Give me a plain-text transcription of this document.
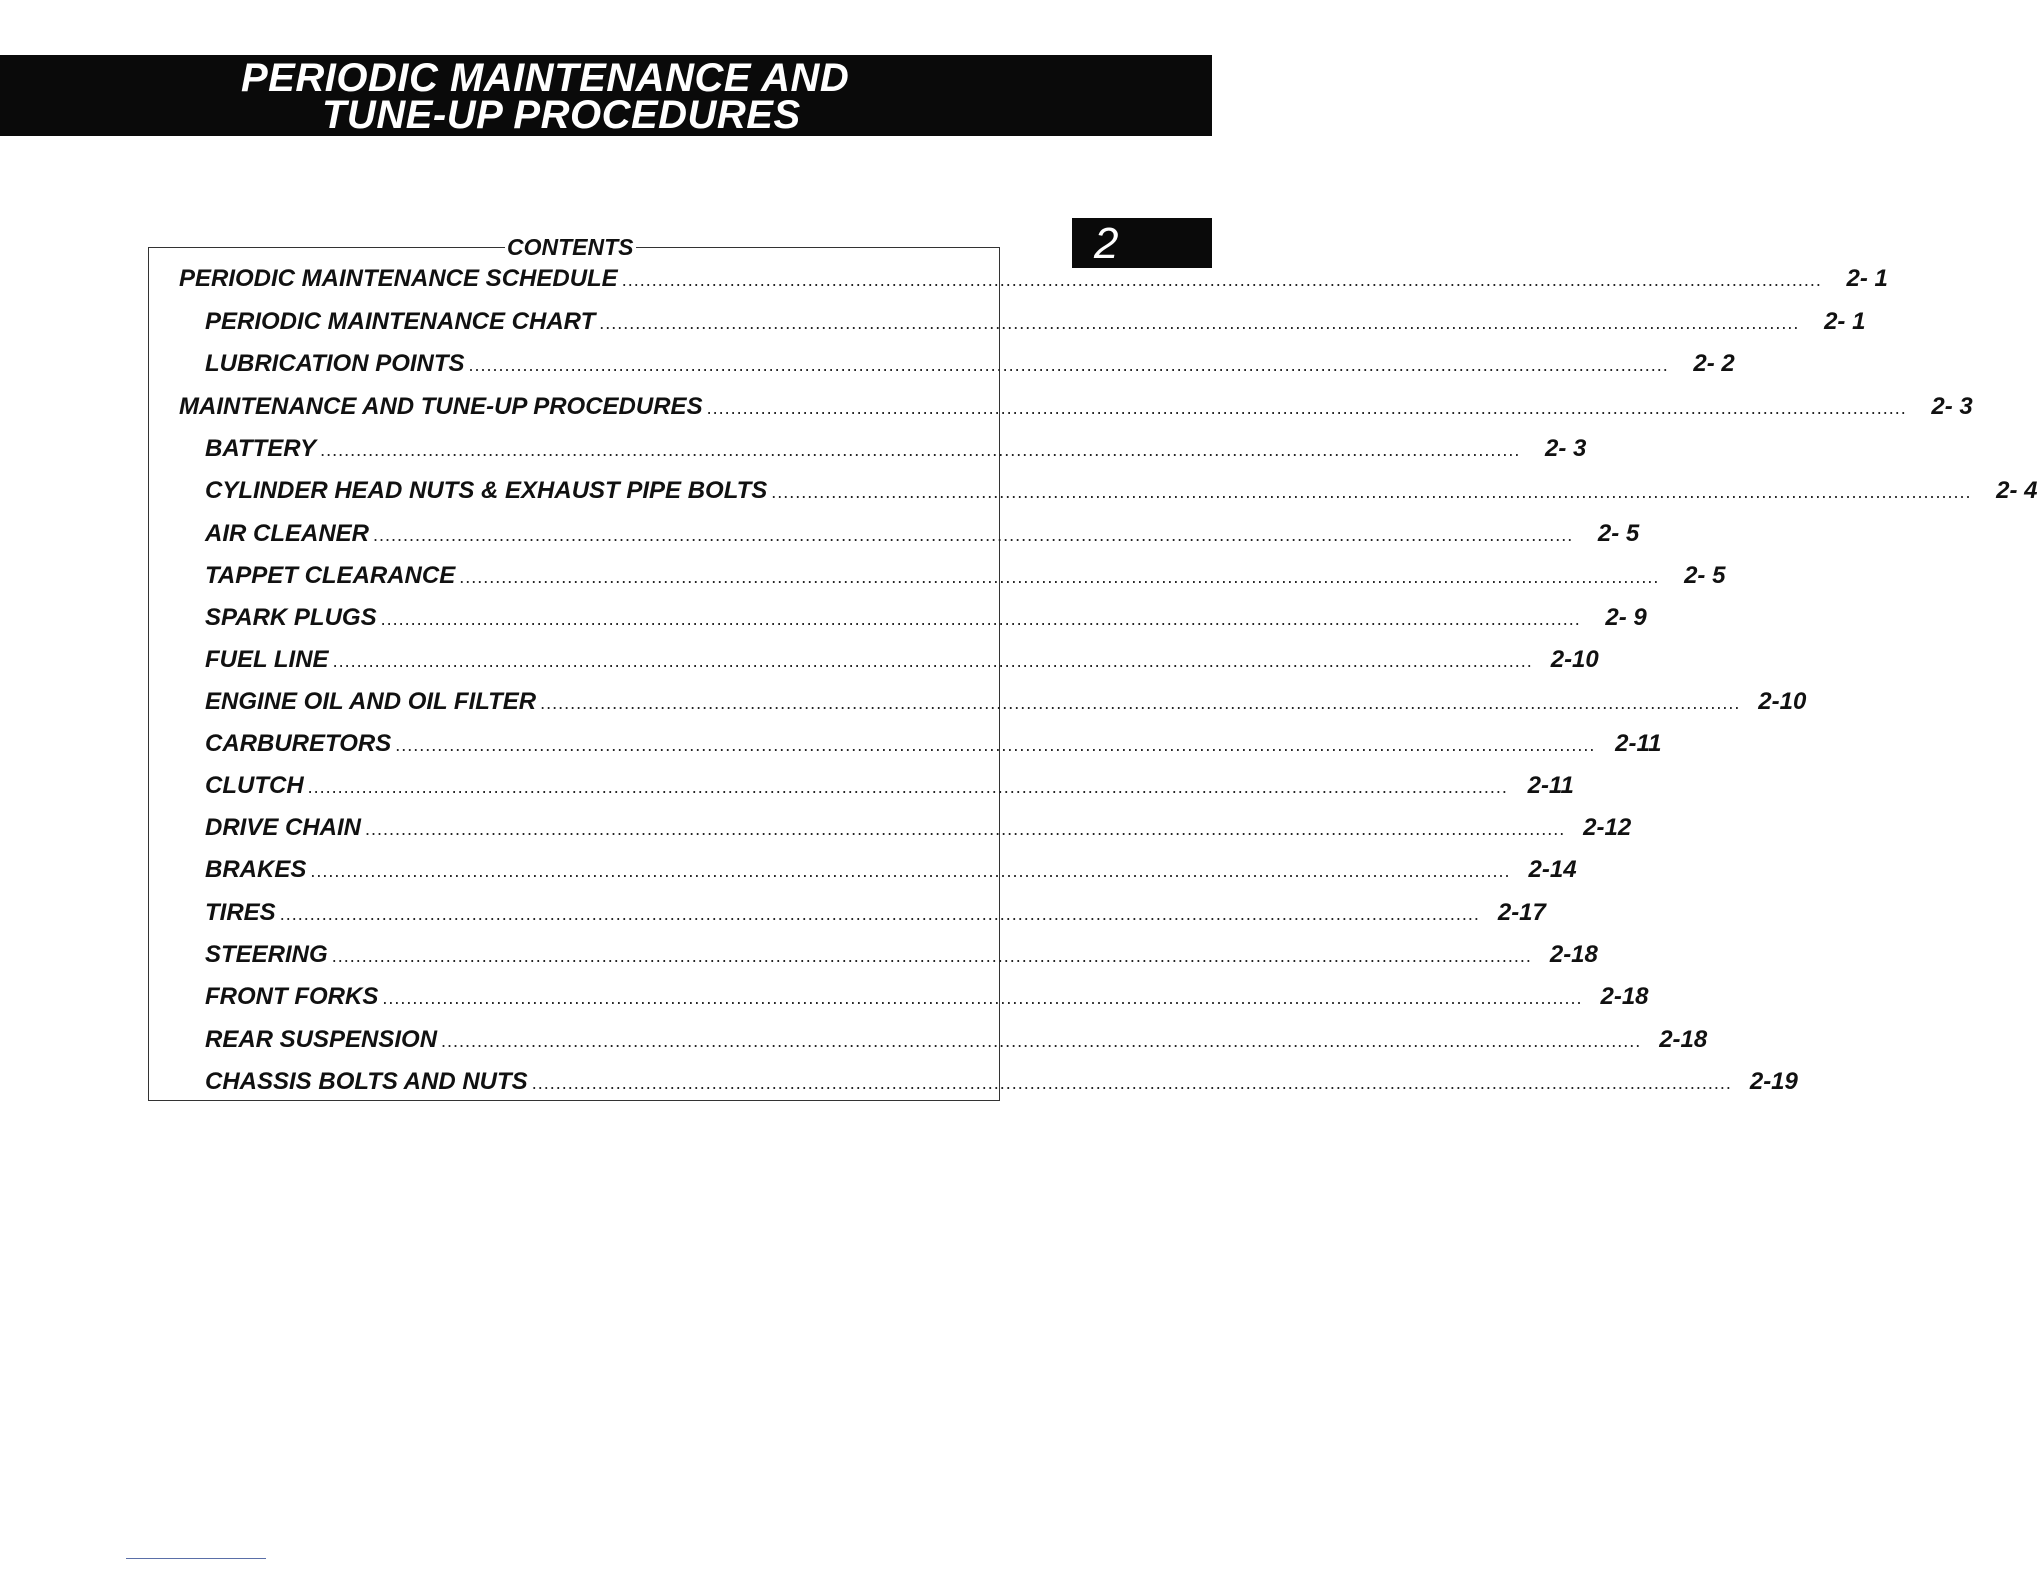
PERIODIC MAINTENANCE AND
TUNE-UP PROCEDURES
2
CONTENTS
PERIODIC MAINTENANCE SCHEDULE ........................................................................................................................................................................................................	2- 1
PERIODIC MAINTENANCE CHART ........................................................................................................................................................................................................	2- 1
LUBRICATION POINTS ........................................................................................................................................................................................................	2- 2
MAINTENANCE AND TUNE-UP PROCEDURES ........................................................................................................................................................................................................	2- 3
BATTERY ........................................................................................................................................................................................................	2- 3
CYLINDER HEAD NUTS & EXHAUST PIPE BOLTS ........................................................................................................................................................................................................	2- 4
AIR CLEANER ........................................................................................................................................................................................................	2- 5
TAPPET CLEARANCE ........................................................................................................................................................................................................	2- 5
SPARK PLUGS ........................................................................................................................................................................................................	2- 9
FUEL LINE ........................................................................................................................................................................................................ 2-10
ENGINE OIL AND OIL FILTER ........................................................................................................................................................................................................ 2-10
CARBURETORS ........................................................................................................................................................................................................ 2-11
CLUTCH ........................................................................................................................................................................................................ 2-11
DRIVE CHAIN ........................................................................................................................................................................................................ 2-12
BRAKES ........................................................................................................................................................................................................ 2-14
TIRES ........................................................................................................................................................................................................ 2-17
STEERING ........................................................................................................................................................................................................ 2-18
FRONT FORKS ........................................................................................................................................................................................................ 2-18
REAR SUSPENSION ........................................................................................................................................................................................................ 2-18
CHASSIS BOLTS AND NUTS ........................................................................................................................................................................................................ 2-19
